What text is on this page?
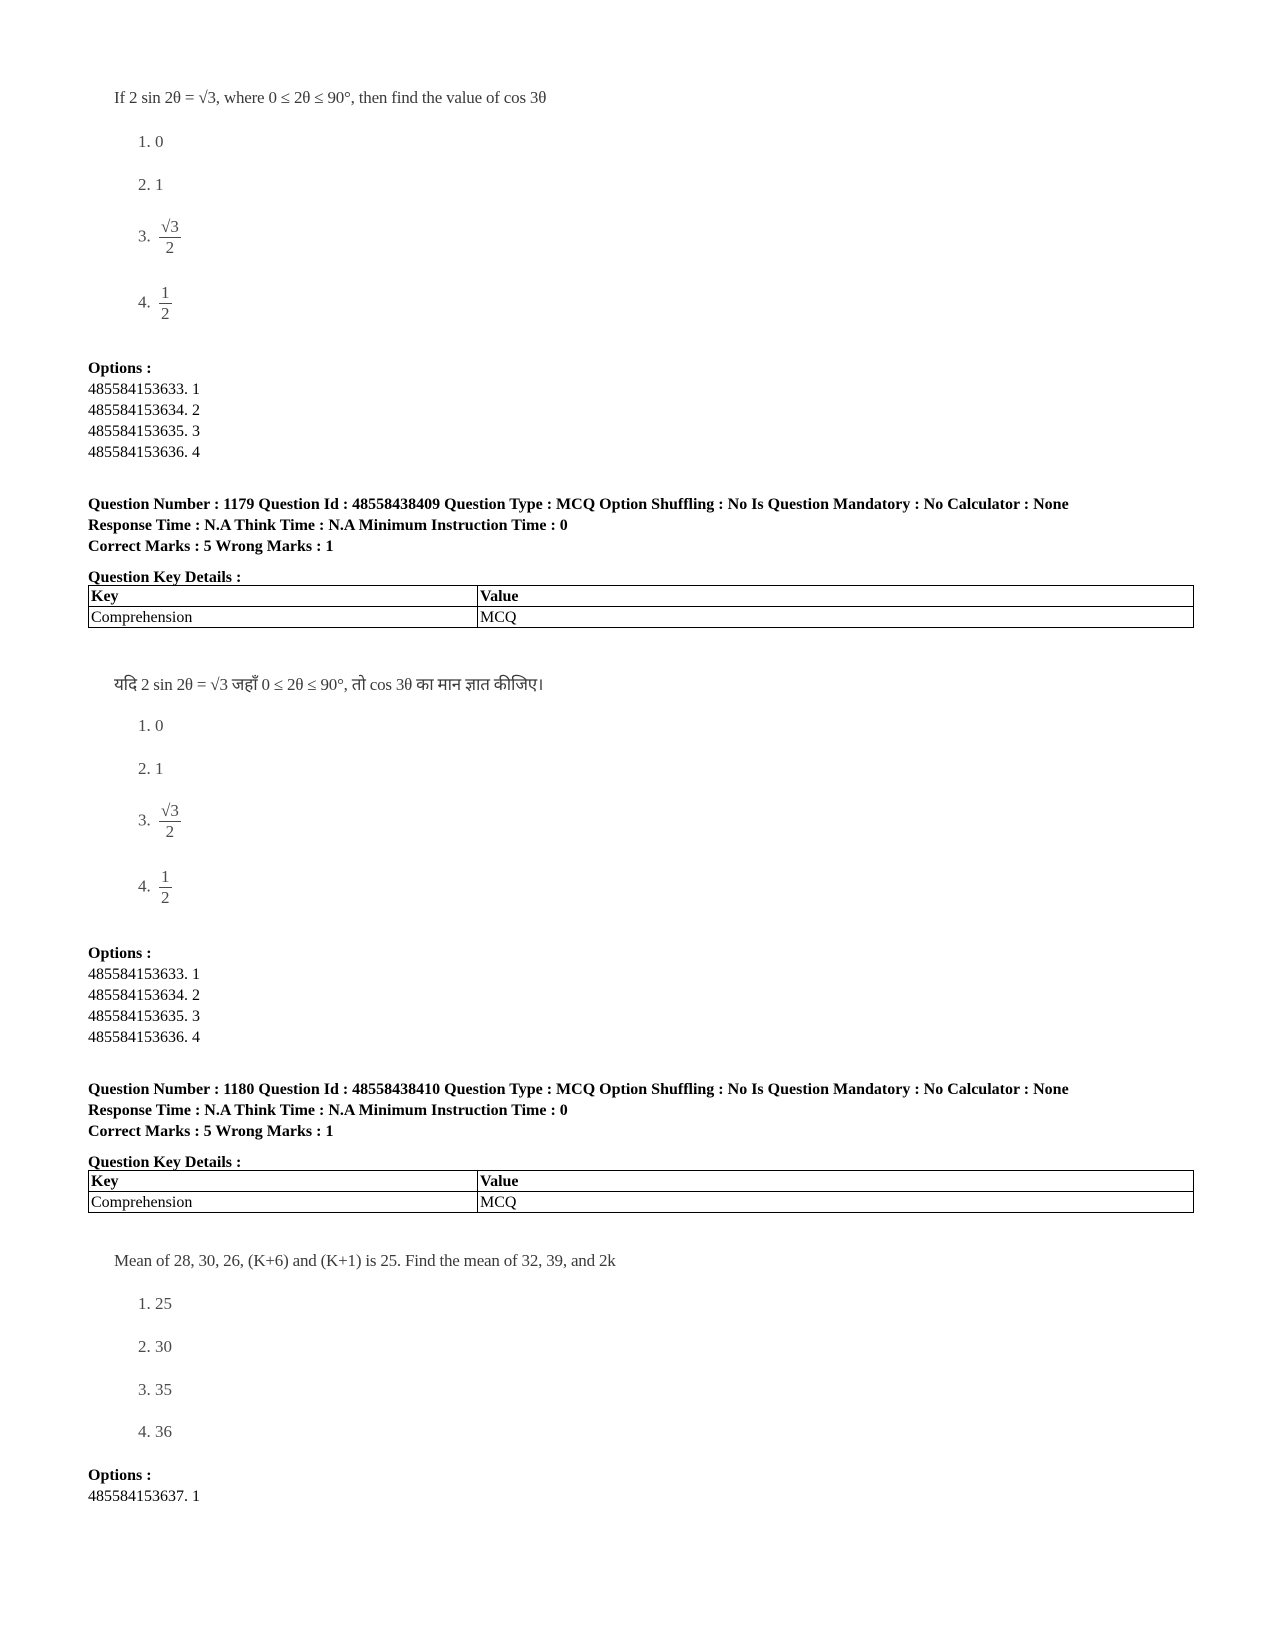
If 2 sin 2θ = √3, where 0 ≤ 2θ ≤ 90°, then find the value of cos 3θ
1. 0
2. 1
3. $\frac{√3}{2}$
4. $\frac{1}{2}$
Options :
485584153633. 1
485584153634. 2
485584153635. 3
485584153636. 4
Question Number : 1179 Question Id : 48558438409 Question Type : MCQ Option Shuffling : No Is Question Mandatory : No Calculator : None
Response Time : N.A Think Time : N.A Minimum Instruction Time : 0
Correct Marks : 5 Wrong Marks : 1
Question Key Details :
Key	Value
Comprehension	MCQ
यदि 2 sin 2θ = √3 जहाँ 0 ≤ 2θ ≤ 90°, तो cos 3θ का मान ज्ञात कीजिए।
1. 0
2. 1
3. $\frac{√3}{2}$
4. $\frac{1}{2}$
Options :
485584153633. 1
485584153634. 2
485584153635. 3
485584153636. 4
Question Number : 1180 Question Id : 48558438410 Question Type : MCQ Option Shuffling : No Is Question Mandatory : No Calculator : None
Response Time : N.A Think Time : N.A Minimum Instruction Time : 0
Correct Marks : 5 Wrong Marks : 1
Question Key Details :
Key	Value
Comprehension	MCQ
Mean of 28, 30, 26, (K+6) and (K+1) is 25. Find the mean of 32, 39, and 2k
1. 25
2. 30
3. 35
4. 36
Options :
485584153637. 1
